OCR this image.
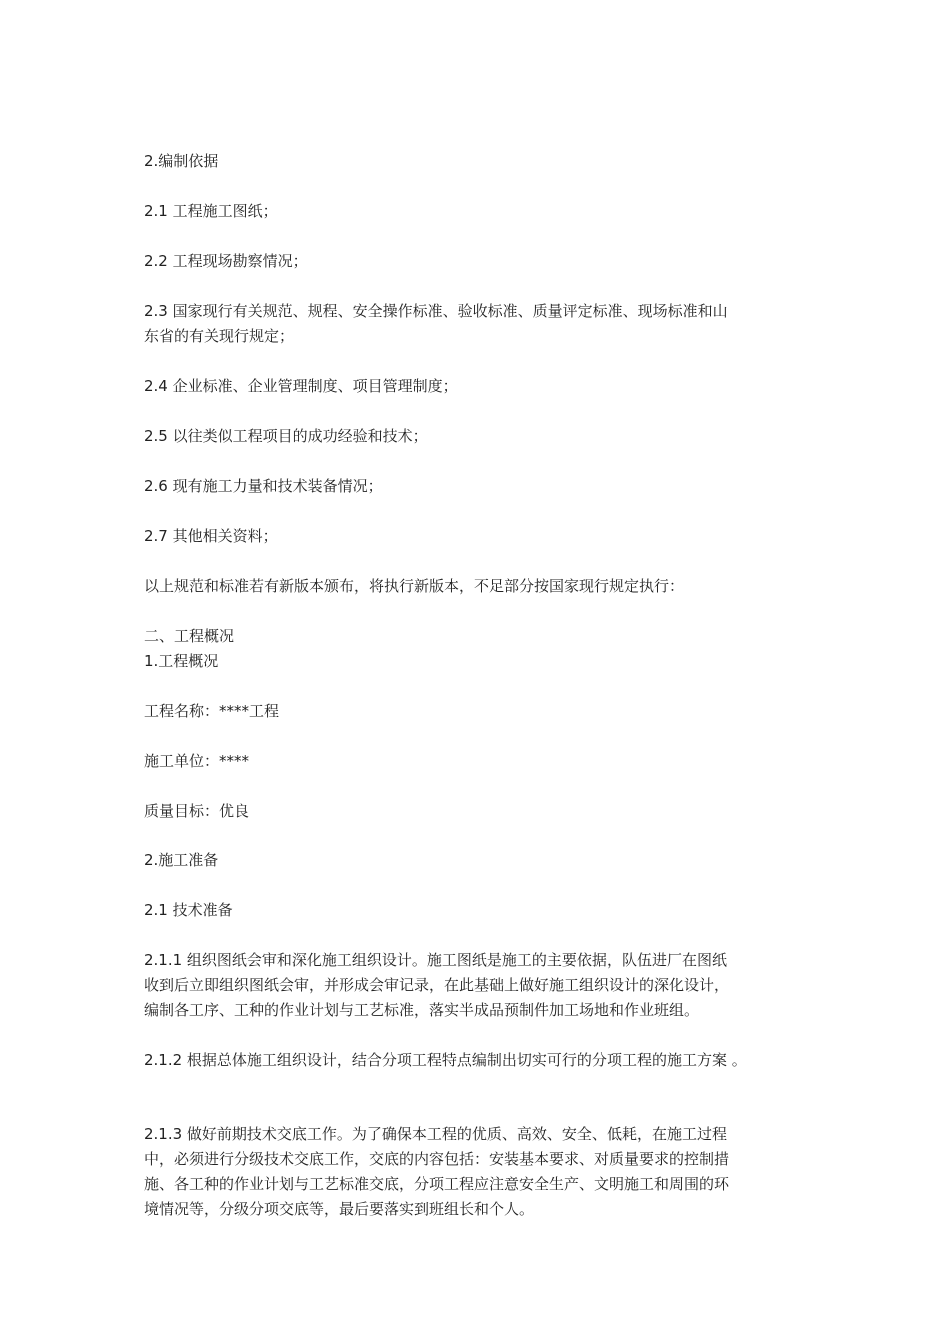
2.编制依据

2.1 工程施工图纸；

2.2 工程现场勘察情况；

2.3 国家现行有关规范、规程、安全操作标准、验收标准、质量评定标准、现场标准和山

东省的有关现行规定；

2.4 企业标准、企业管理制度、项目管理制度；

2.5 以往类似工程项目的成功经验和技术；

2.6 现有施工力量和技术装备情况；

2.7 其他相关资料；

以上规范和标准若有新版本颁布，将执行新版本，不足部分按国家现行规定执行：

二、工程概况

1.工程概况

工程名称：****工程

施工单位：****

质量目标：优良

2.施工准备

2.1 技术准备

2.1.1 组织图纸会审和深化施工组织设计。施工图纸是施工的主要依据，队伍进厂在图纸

收到后立即组织图纸会审，并形成会审记录，在此基础上做好施工组织设计的深化设计，

编制各工序、工种的作业计划与工艺标准，落实半成品预制件加工场地和作业班组。

2.1.2 根据总体施工组织设计，结合分项工程特点编制出切实可行的分项工程的施工方案 。

2.1.3 做好前期技术交底工作。为了确保本工程的优质、高效、安全、低耗，在施工过程

中，必须进行分级技术交底工作，交底的内容包括：安装基本要求、对质量要求的控制措

施、各工种的作业计划与工艺标准交底，分项工程应注意安全生产、文明施工和周围的环

境情况等，分级分项交底等，最后要落实到班组长和个人。
